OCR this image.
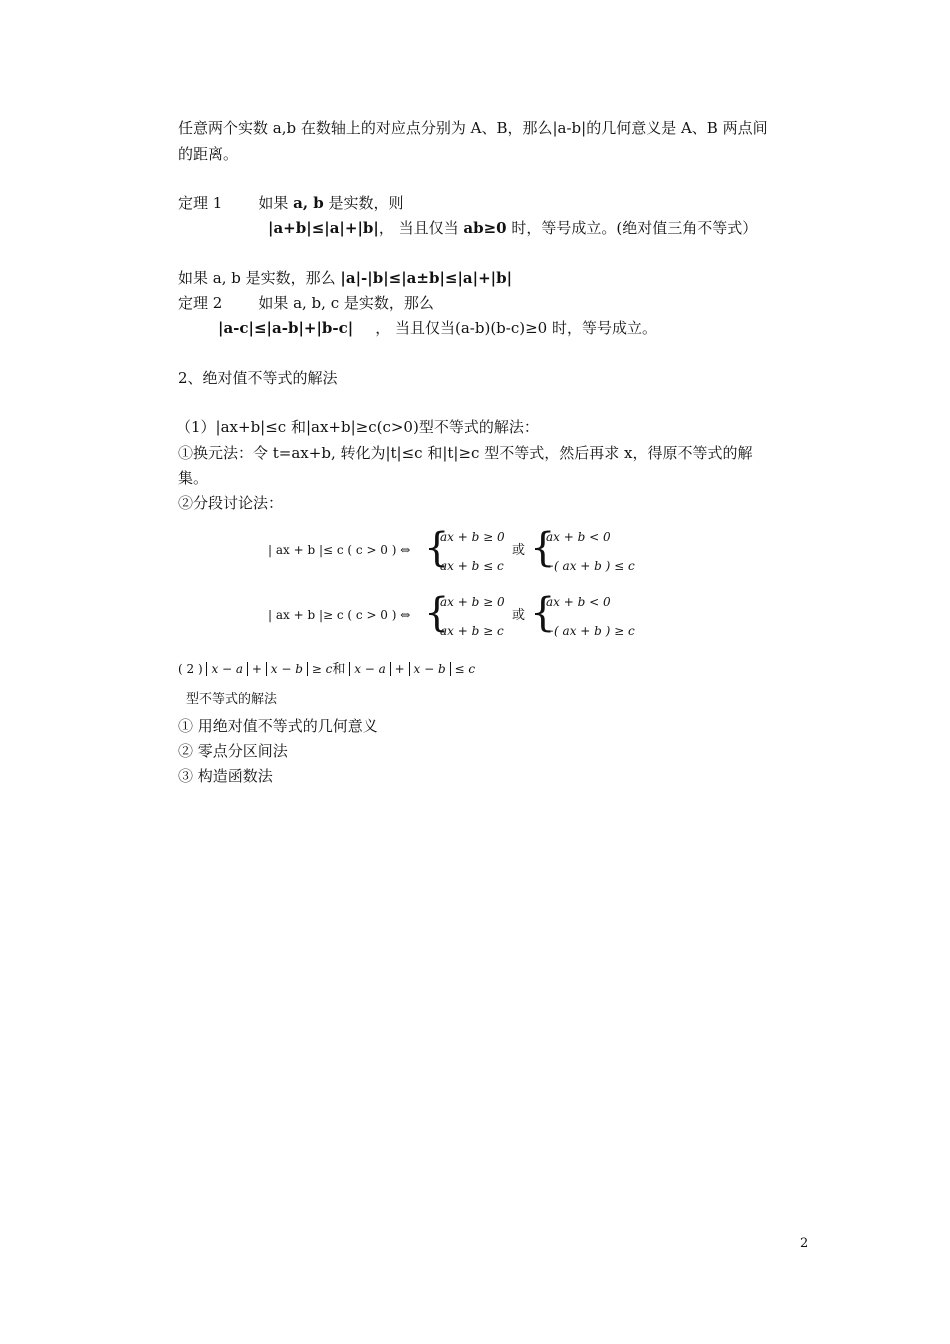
任意两个实数 a,b 在数轴上的对应点分别为 A、B，那么|a-b|的几何意义是 A、B 两点间
的距离。
定理 1 如果 a, b 是实数，则
|a+b|≤|a|+|b|， 当且仅当 ab≥0 时，等号成立。(绝对值三角不等式）
如果 a, b 是实数，那么 |a|-|b|≤|a±b|≤|a|+|b|
定理 2 如果 a, b, c 是实数，那么
|a-c|≤|a-b|+|b-c| ， 当且仅当(a-b)(b-c)≥0 时，等号成立。
2、绝对值不等式的解法
（1）|ax+b|≤c 和|ax+b|≥c(c>0)型不等式的解法：
①换元法：令 t=ax+b, 转化为|t|≤c 和|t|≥c 型不等式，然后再求 x，得原不等式的解
集。
②分段讨论法：
| ax + b |≤ c ( c > 0 ) ⇔ {
ax + b ≥ 0
ax + b ≤ c
或 {
ax + b < 0
−( ax + b ) ≤ c
| ax + b |≥ c ( c > 0 ) ⇔ {
ax + b ≥ 0
ax + b ≥ c
或 {
ax + b < 0
−( ax + b ) ≥ c
( 2 ) x − a + x − b ≥ c和 x − a + x − b ≤ c
型不等式的解法
① 用绝对值不等式的几何意义
② 零点分区间法
③ 构造函数法
2
